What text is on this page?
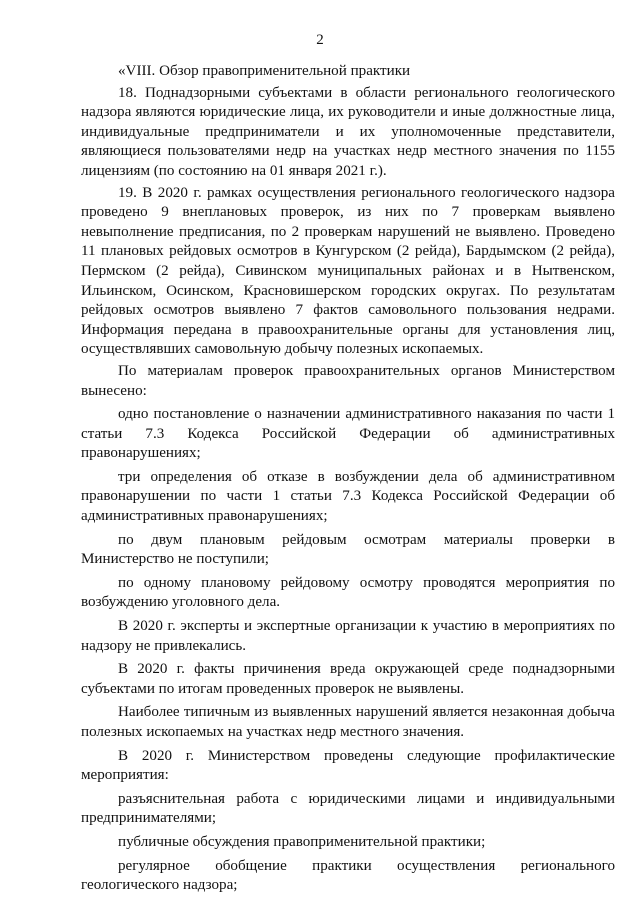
2

«VIII. Обзор правоприменительной практики

18. Поднадзорными субъектами в области регионального геологического надзора являются юридические лица, их руководители и иные должностные лица, индивидуальные предприниматели и их уполномоченные представители, являющиеся пользователями недр на участках недр местного значения по 1155 лицензиям (по состоянию на 01 января 2021 г.).

19. В 2020 г. рамках осуществления регионального геологического надзора проведено 9 внеплановых проверок, из них по 7 проверкам выявлено невыполнение предписания, по 2 проверкам нарушений не выявлено. Проведено 11 плановых рейдовых осмотров в Кунгурском (2 рейда), Бардымском (2 рейда), Пермском (2 рейда), Сивинском муниципальных районах и в Нытвенском, Ильинском, Осинском, Красновишерском городских округах. По результатам рейдовых осмотров выявлено 7 фактов самовольного пользования недрами. Информация передана в правоохранительные органы для установления лиц, осуществлявших самовольную добычу полезных ископаемых.

По материалам проверок правоохранительных органов Министерством вынесено:

одно постановление о назначении административного наказания по части 1 статьи 7.3 Кодекса Российской Федерации об административных правонарушениях;

три определения об отказе в возбуждении дела об административном правонарушении по части 1 статьи 7.3 Кодекса Российской Федерации об административных правонарушениях;

по двум плановым рейдовым осмотрам материалы проверки в Министерство не поступили;

по одному плановому рейдовому осмотру проводятся мероприятия по возбуждению уголовного дела.

В 2020 г. эксперты и экспертные организации к участию в мероприятиях по надзору не привлекались.

В 2020 г. факты причинения вреда окружающей среде поднадзорными субъектами по итогам проведенных проверок не выявлены.

Наиболее типичным из выявленных нарушений является незаконная добыча полезных ископаемых на участках недр местного значения.

В 2020 г. Министерством проведены следующие профилактические мероприятия:

разъяснительная работа с юридическими лицами и индивидуальными предпринимателями;

публичные обсуждения правоприменительной практики;

регулярное обобщение практики осуществления регионального геологического надзора;
